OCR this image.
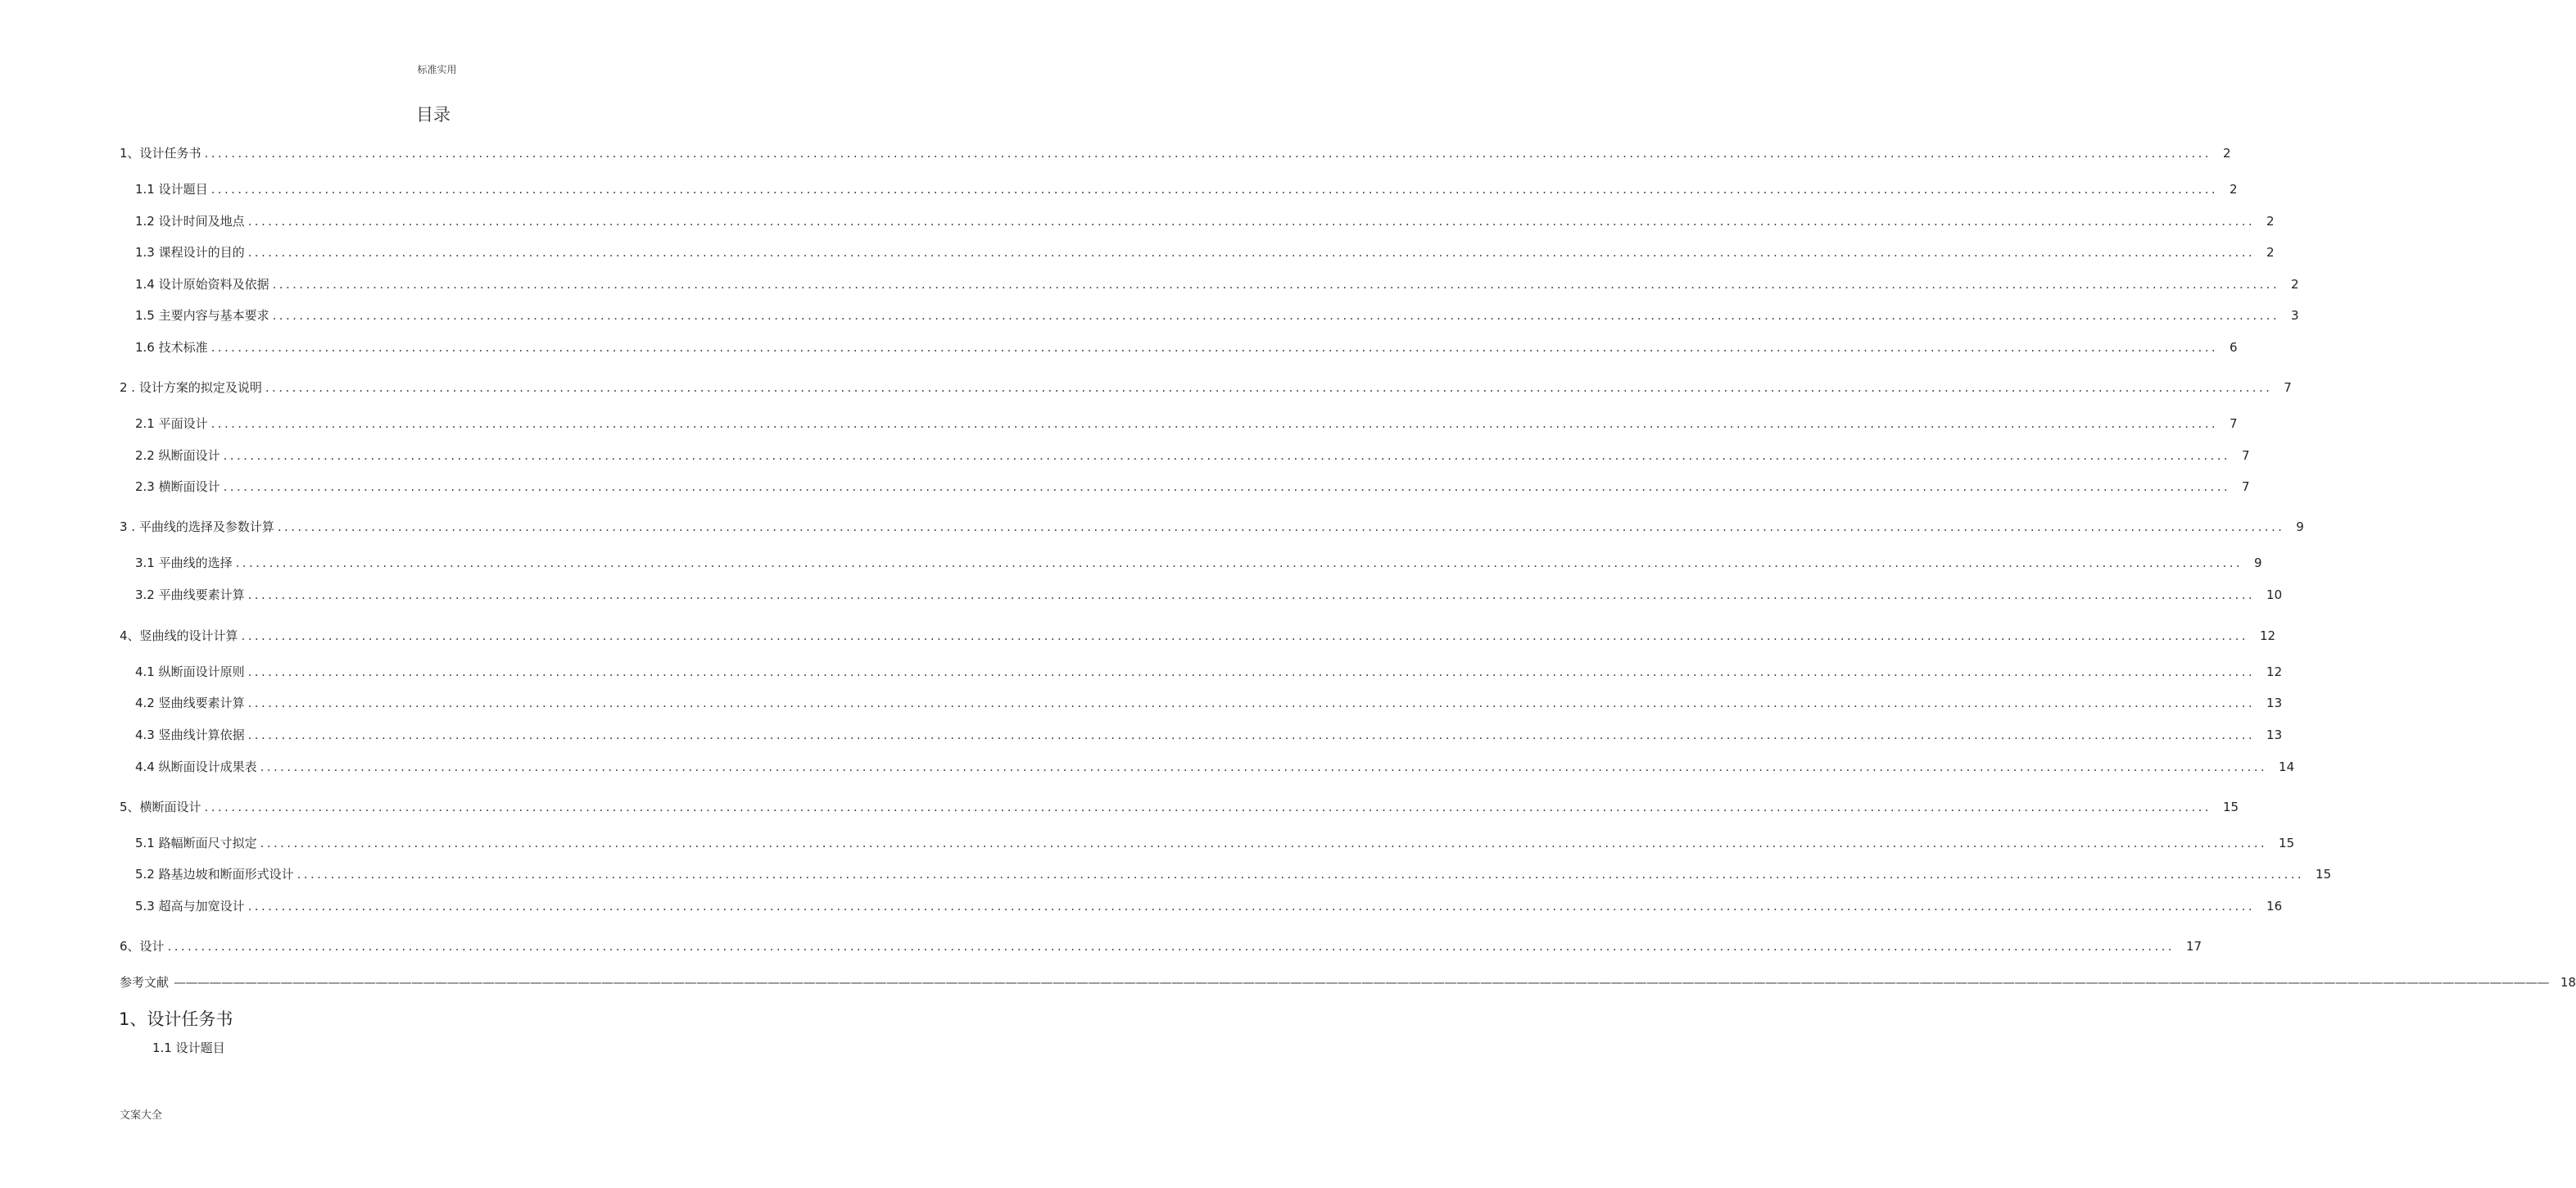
标准实用
目录
1、设计任务书 ............................................................................................................................................................................................................................................................................................................ 2
1.1 设计题目 ............................................................................................................................................................................................................................................................................................................ 2
1.2 设计时间及地点 ............................................................................................................................................................................................................................................................................................................ 2
1.3 课程设计的目的 ............................................................................................................................................................................................................................................................................................................ 2
1.4 设计原始资料及依据 ............................................................................................................................................................................................................................................................................................................ 2
1.5 主要内容与基本要求 ............................................................................................................................................................................................................................................................................................................ 3
1.6 技术标准 ............................................................................................................................................................................................................................................................................................................ 6
2 . 设计方案的拟定及说明 ............................................................................................................................................................................................................................................................................................................ 7
2.1 平面设计 ............................................................................................................................................................................................................................................................................................................ 7
2.2 纵断面设计 ............................................................................................................................................................................................................................................................................................................ 7
2.3 横断面设计 ............................................................................................................................................................................................................................................................................................................ 7
3 . 平曲线的选择及参数计算 ............................................................................................................................................................................................................................................................................................................ 9
3.1 平曲线的选择 ............................................................................................................................................................................................................................................................................................................ 9
3.2 平曲线要素计算 ............................................................................................................................................................................................................................................................................................................ 10
4、竖曲线的设计计算 ............................................................................................................................................................................................................................................................................................................ 12
4.1 纵断面设计原则 ............................................................................................................................................................................................................................................................................................................ 12
4.2 竖曲线要素计算 ............................................................................................................................................................................................................................................................................................................ 13
4.3 竖曲线计算依据 ............................................................................................................................................................................................................................................................................................................ 13
4.4 纵断面设计成果表 ............................................................................................................................................................................................................................................................................................................ 14
5、横断面设计 ............................................................................................................................................................................................................................................................................................................ 15
5.1 路幅断面尺寸拟定 ............................................................................................................................................................................................................................................................................................................ 15
5.2 路基边坡和断面形式设计 ............................................................................................................................................................................................................................................................................................................ 15
5.3 超高与加宽设计 ............................................................................................................................................................................................................................................................................................................ 16
6、设计 ............................................................................................................................................................................................................................................................................................................ 17
参考文献 ———————————————————————————————————————————————————————————————————————————————————————————————————————————————————————————————————————————————————————————————————————————————————————————————————————— 18
1、设计任务书
1.1 设计题目
文案大全
